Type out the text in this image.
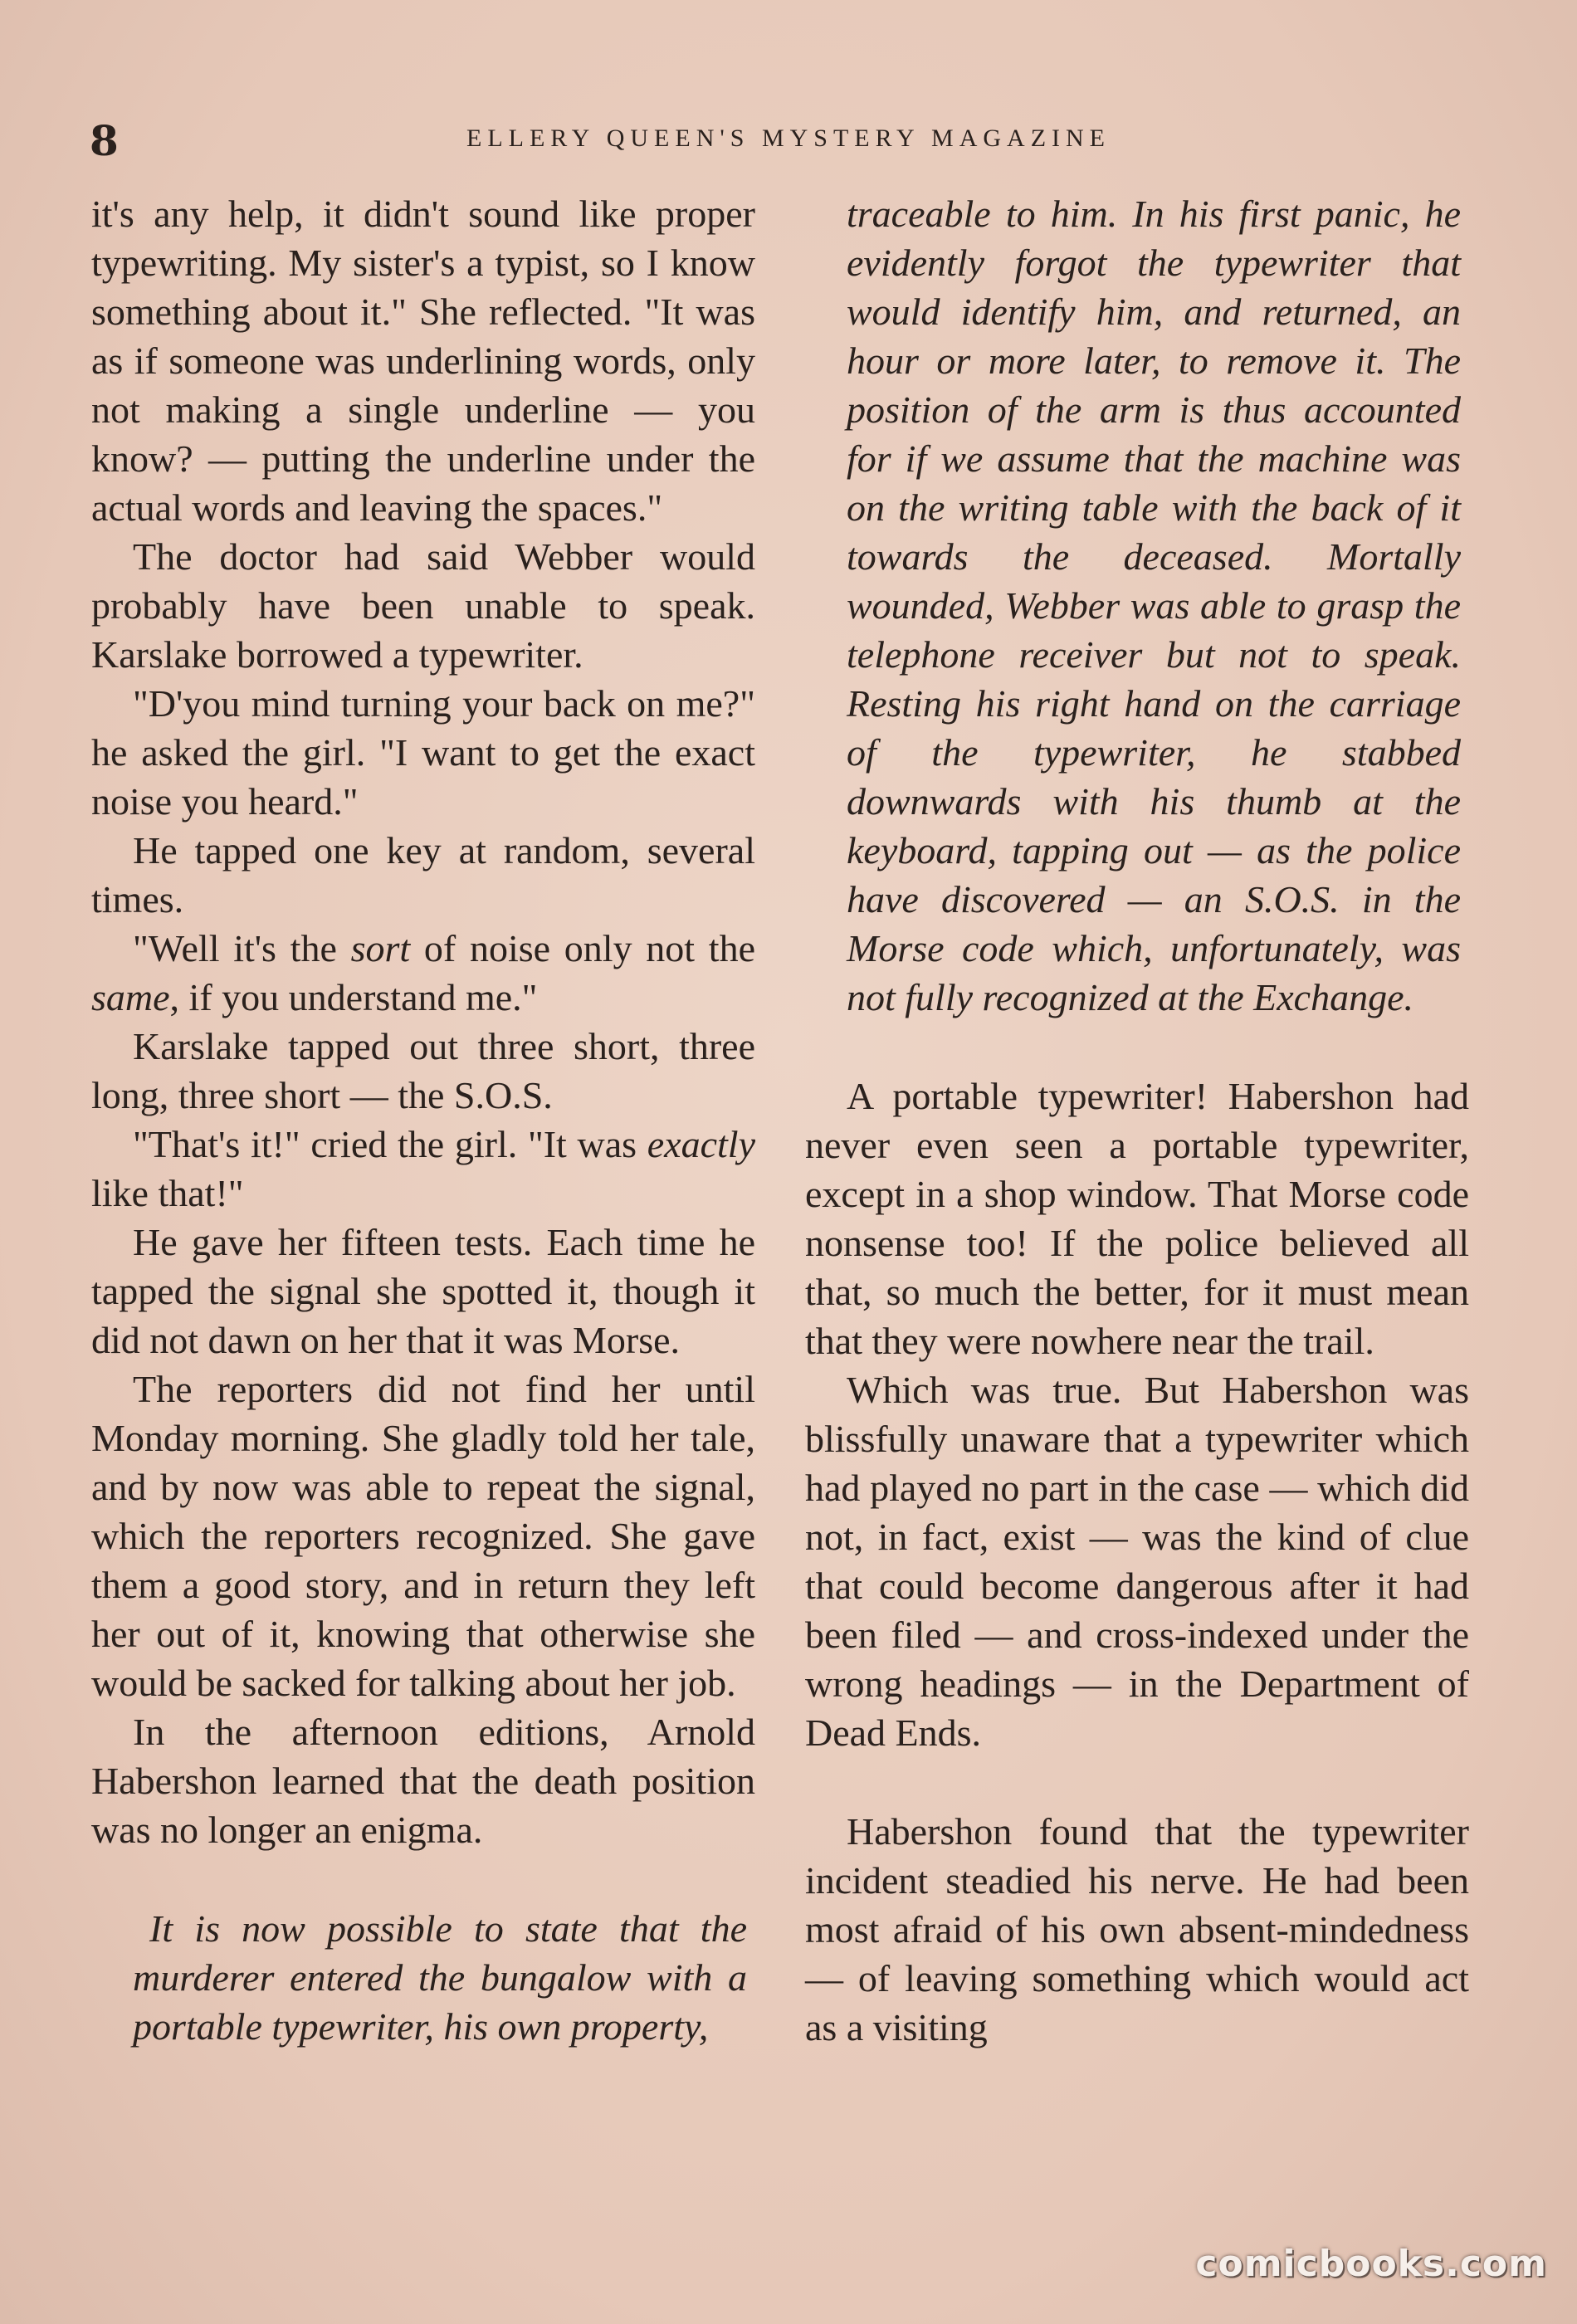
8	ELLERY QUEEN'S MYSTERY MAGAZINE

it's any help, it didn't sound like proper typewriting. My sister's a typist, so I know something about it." She reflected. "It was as if someone was underlining words, only not making a single underline — you know? — putting the underline under the actual words and leaving the spaces."

The doctor had said Webber would probably have been unable to speak. Karslake borrowed a typewriter.

"D'you mind turning your back on me?" he asked the girl. "I want to get the exact noise you heard."

He tapped one key at random, several times.

"Well it's the sort of noise only not the same, if you understand me."

Karslake tapped out three short, three long, three short — the S.O.S.

"That's it!" cried the girl. "It was exactly like that!"

He gave her fifteen tests. Each time he tapped the signal she spotted it, though it did not dawn on her that it was Morse.

The reporters did not find her until Monday morning. She gladly told her tale, and by now was able to repeat the signal, which the reporters recognized. She gave them a good story, and in return they left her out of it, knowing that otherwise she would be sacked for talking about her job.

In the afternoon editions, Arnold Habershon learned that the death position was no longer an enigma.

It is now possible to state that the murderer entered the bungalow with a portable typewriter, his own property,

traceable to him. In his first panic, he evidently forgot the typewriter that would identify him, and returned, an hour or more later, to remove it. The position of the arm is thus accounted for if we assume that the machine was on the writing table with the back of it towards the deceased. Mortally wounded, Webber was able to grasp the telephone receiver but not to speak. Resting his right hand on the carriage of the typewriter, he stabbed downwards with his thumb at the keyboard, tapping out — as the police have discovered — an S.O.S. in the Morse code which, unfortunately, was not fully recognized at the Exchange.

A portable typewriter! Habershon had never even seen a portable typewriter, except in a shop window. That Morse code nonsense too! If the police believed all that, so much the better, for it must mean that they were nowhere near the trail.

Which was true. But Habershon was blissfully unaware that a typewriter which had played no part in the case — which did not, in fact, exist — was the kind of clue that could become dangerous after it had been filed — and cross-indexed under the wrong headings — in the Department of Dead Ends.

Habershon found that the typewriter incident steadied his nerve. He had been most afraid of his own absent-mindedness — of leaving something which would act as a visiting

comicbooks.com
